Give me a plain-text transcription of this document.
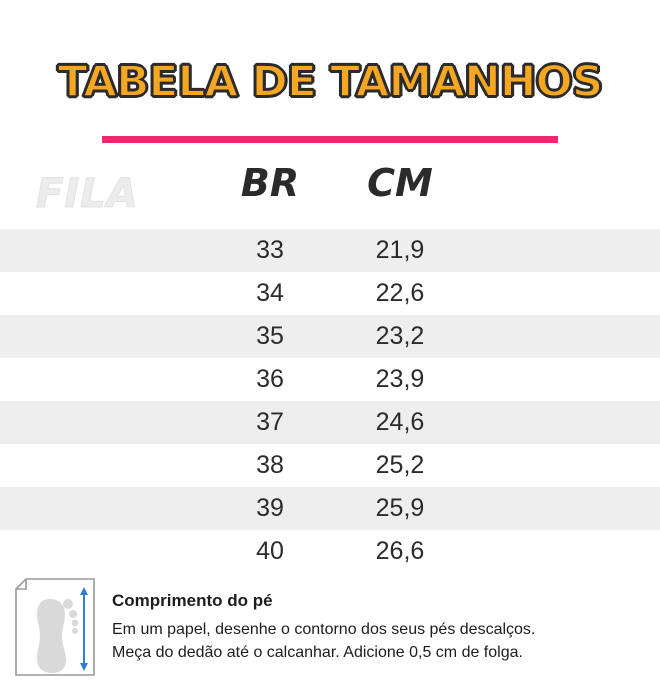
TABELA DE TAMANHOS
FILA	BR	CM
	33	21,9	
	34	22,6	
	35	23,2	
	36	23,9	
	37	24,6	
	38	25,2	
	39	25,9	
	40	26,6	
Comprimento do pé
Em um papel, desenhe o contorno dos seus pés descalços.
Meça do dedão até o calcanhar. Adicione 0,5 cm de folga.
